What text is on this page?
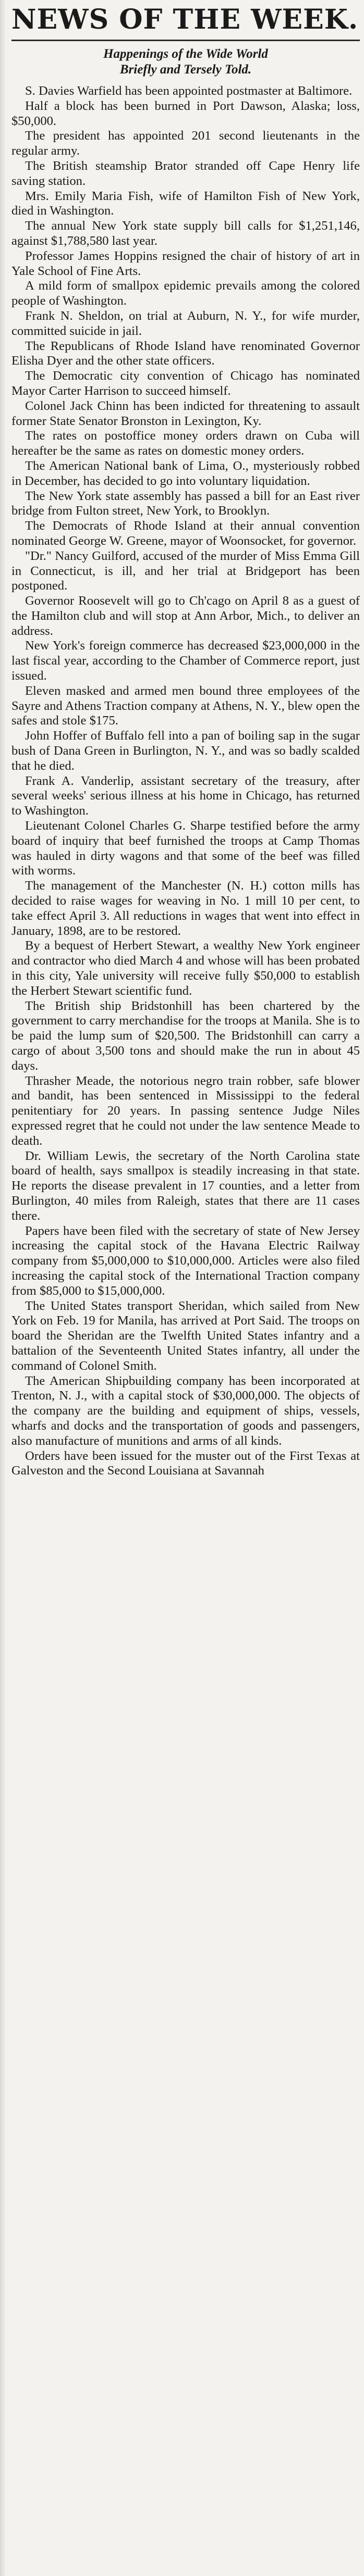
NEWS OF THE WEEK.
Happenings of the Wide World
Briefly and Tersely Told.

S. Davies Warfield has been appointed postmaster at Baltimore.

Half a block has been burned in Port Dawson, Alaska; loss, $50,000.

The president has appointed 201 second lieutenants in the regular army.

The British steamship Brator stranded off Cape Henry life saving station.

Mrs. Emily Maria Fish, wife of Hamilton Fish of New York, died in Washington.

The annual New York state supply bill calls for $1,251,146, against $1,788,580 last year.

Professor James Hoppins resigned the chair of history of art in Yale School of Fine Arts.

A mild form of smallpox epidemic prevails among the colored people of Washington.

Frank N. Sheldon, on trial at Auburn, N. Y., for wife murder, committed suicide in jail.

The Republicans of Rhode Island have renominated Governor Elisha Dyer and the other state officers.

The Democratic city convention of Chicago has nominated Mayor Carter Harrison to succeed himself.

Colonel Jack Chinn has been indicted for threatening to assault former State Senator Bronston in Lexington, Ky.

The rates on postoffice money orders drawn on Cuba will hereafter be the same as rates on domestic money orders.

The American National bank of Lima, O., mysteriously robbed in December, has decided to go into voluntary liquidation.

The New York state assembly has passed a bill for an East river bridge from Fulton street, New York, to Brooklyn.

The Democrats of Rhode Island at their annual convention nominated George W. Greene, mayor of Woonsocket, for governor.

"Dr." Nancy Guilford, accused of the murder of Miss Emma Gill in Connecticut, is ill, and her trial at Bridgeport has been postponed.

Governor Roosevelt will go to Ch'cago on April 8 as a guest of the Hamilton club and will stop at Ann Arbor, Mich., to deliver an address.

New York's foreign commerce has decreased $23,000,000 in the last fiscal year, according to the Chamber of Commerce report, just issued.

Eleven masked and armed men bound three employees of the Sayre and Athens Traction company at Athens, N. Y., blew open the safes and stole $175.

John Hoffer of Buffalo fell into a pan of boiling sap in the sugar bush of Dana Green in Burlington, N. Y., and was so badly scalded that he died.

Frank A. Vanderlip, assistant secretary of the treasury, after several weeks' serious illness at his home in Chicago, has returned to Washington.

Lieutenant Colonel Charles G. Sharpe testified before the army board of inquiry that beef furnished the troops at Camp Thomas was hauled in dirty wagons and that some of the beef was filled with worms.

The management of the Manchester (N. H.) cotton mills has decided to raise wages for weaving in No. 1 mill 10 per cent, to take effect April 3. All reductions in wages that went into effect in January, 1898, are to be restored.

By a bequest of Herbert Stewart, a wealthy New York engineer and contractor who died March 4 and whose will has been probated in this city, Yale university will receive fully $50,000 to establish the Herbert Stewart scientific fund.

The British ship Bridstonhill has been chartered by the government to carry merchandise for the troops at Manila. She is to be paid the lump sum of $20,500. The Bridstonhill can carry a cargo of about 3,500 tons and should make the run in about 45 days.

Thrasher Meade, the notorious negro train robber, safe blower and bandit, has been sentenced in Mississippi to the federal penitentiary for 20 years. In passing sentence Judge Niles expressed regret that he could not under the law sentence Meade to death.

Dr. William Lewis, the secretary of the North Carolina state board of health, says smallpox is steadily increasing in that state. He reports the disease prevalent in 17 counties, and a letter from Burlington, 40 miles from Raleigh, states that there are 11 cases there.

Papers have been filed with the secretary of state of New Jersey increasing the capital stock of the Havana Electric Railway company from $5,000,000 to $10,000,000. Articles were also filed increasing the capital stock of the International Traction company from $85,000 to $15,000,000.

The United States transport Sheridan, which sailed from New York on Feb. 19 for Manila, has arrived at Port Said. The troops on board the Sheridan are the Twelfth United States infantry and a battalion of the Seventeenth United States infantry, all under the command of Colonel Smith.

The American Shipbuilding company has been incorporated at Trenton, N. J., with a capital stock of $30,000,000. The objects of the company are the building and equipment of ships, vessels, wharfs and docks and the transportation of goods and passengers, also manufacture of munitions and arms of all kinds.

Orders have been issued for the muster out of the First Texas at Galveston and the Second Louisiana at Savannah
